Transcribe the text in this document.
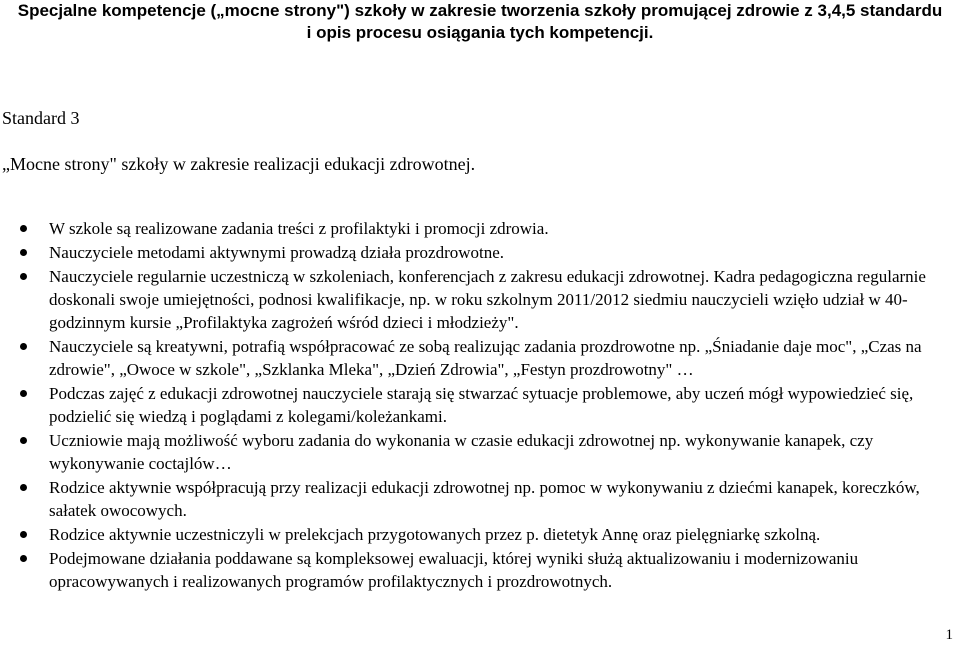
Specjalne kompetencje („mocne strony") szkoły w zakresie tworzenia szkoły promującej zdrowie z 3,4,5 standardu
i opis procesu osiągania tych kompetencji.
Standard 3
„Mocne strony" szkoły w zakresie realizacji edukacji zdrowotnej.
W szkole są realizowane zadania treści z profilaktyki i promocji zdrowia.
Nauczyciele metodami aktywnymi prowadzą działa prozdrowotne.
Nauczyciele regularnie uczestniczą w szkoleniach, konferencjach z zakresu edukacji zdrowotnej. Kadra pedagogiczna regularnie doskonali swoje umiejętności, podnosi kwalifikacje, np. w roku szkolnym 2011/2012 siedmiu nauczycieli wzięło udział w 40-godzinnym kursie „Profilaktyka zagrożeń wśród dzieci i młodzieży".
Nauczyciele są kreatywni, potrafią współpracować ze sobą realizując zadania prozdrowotne np. „Śniadanie daje moc", „Czas na zdrowie", „Owoce w szkole", „Szklanka Mleka", „Dzień Zdrowia", „Festyn prozdrowotny" …
Podczas zajęć z edukacji zdrowotnej nauczyciele starają się stwarzać sytuacje problemowe, aby uczeń mógł wypowiedzieć się, podzielić się wiedzą i poglądami z kolegami/koleżankami.
Uczniowie mają możliwość wyboru zadania do wykonania w czasie edukacji zdrowotnej np. wykonywanie kanapek, czy wykonywanie coctajlów…
Rodzice aktywnie współpracują przy realizacji edukacji zdrowotnej np. pomoc w wykonywaniu z dziećmi kanapek, koreczków, sałatek owocowych.
Rodzice aktywnie uczestniczyli w prelekcjach przygotowanych przez p. dietetyk Annę oraz pielęgniarkę szkolną.
Podejmowane działania poddawane są kompleksowej ewaluacji, której wyniki służą aktualizowaniu i modernizowaniu opracowywanych i realizowanych programów profilaktycznych i prozdrowotnych.
1
